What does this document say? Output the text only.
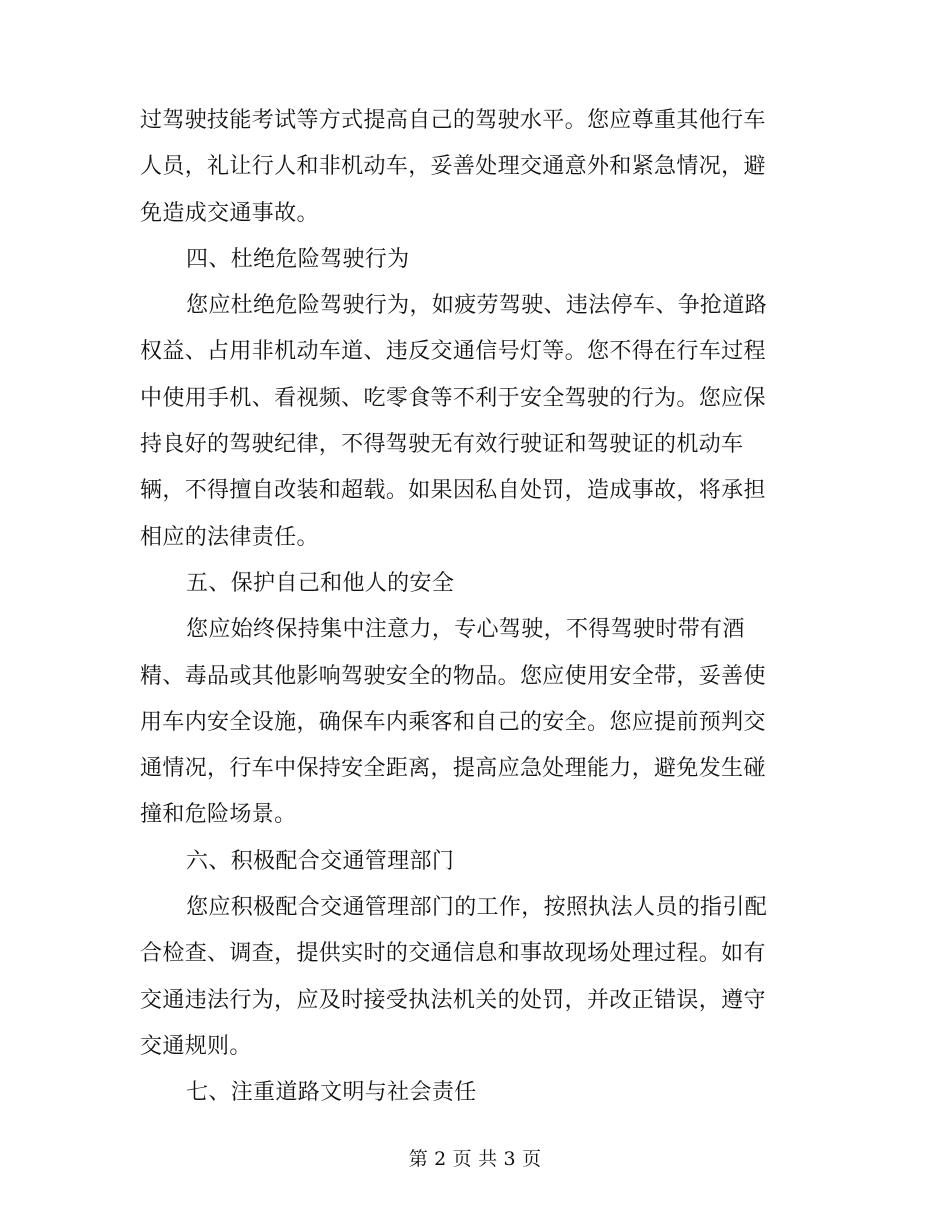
过驾驶技能考试等方式提高自己的驾驶水平。您应尊重其他行车
人员，礼让行人和非机动车，妥善处理交通意外和紧急情况，避
免造成交通事故。

四、杜绝危险驾驶行为

您应杜绝危险驾驶行为，如疲劳驾驶、违法停车、争抢道路
权益、占用非机动车道、违反交通信号灯等。您不得在行车过程
中使用手机、看视频、吃零食等不利于安全驾驶的行为。您应保
持良好的驾驶纪律，不得驾驶无有效行驶证和驾驶证的机动车
辆，不得擅自改装和超载。如果因私自处罚，造成事故，将承担
相应的法律责任。

五、保护自己和他人的安全

您应始终保持集中注意力，专心驾驶，不得驾驶时带有酒
精、毒品或其他影响驾驶安全的物品。您应使用安全带，妥善使
用车内安全设施，确保车内乘客和自己的安全。您应提前预判交
通情况，行车中保持安全距离，提高应急处理能力，避免发生碰
撞和危险场景。

六、积极配合交通管理部门

您应积极配合交通管理部门的工作，按照执法人员的指引配
合检查、调查，提供实时的交通信息和事故现场处理过程。如有
交通违法行为，应及时接受执法机关的处罚，并改正错误，遵守
交通规则。

七、注重道路文明与社会责任

第 2 页 共 3 页
